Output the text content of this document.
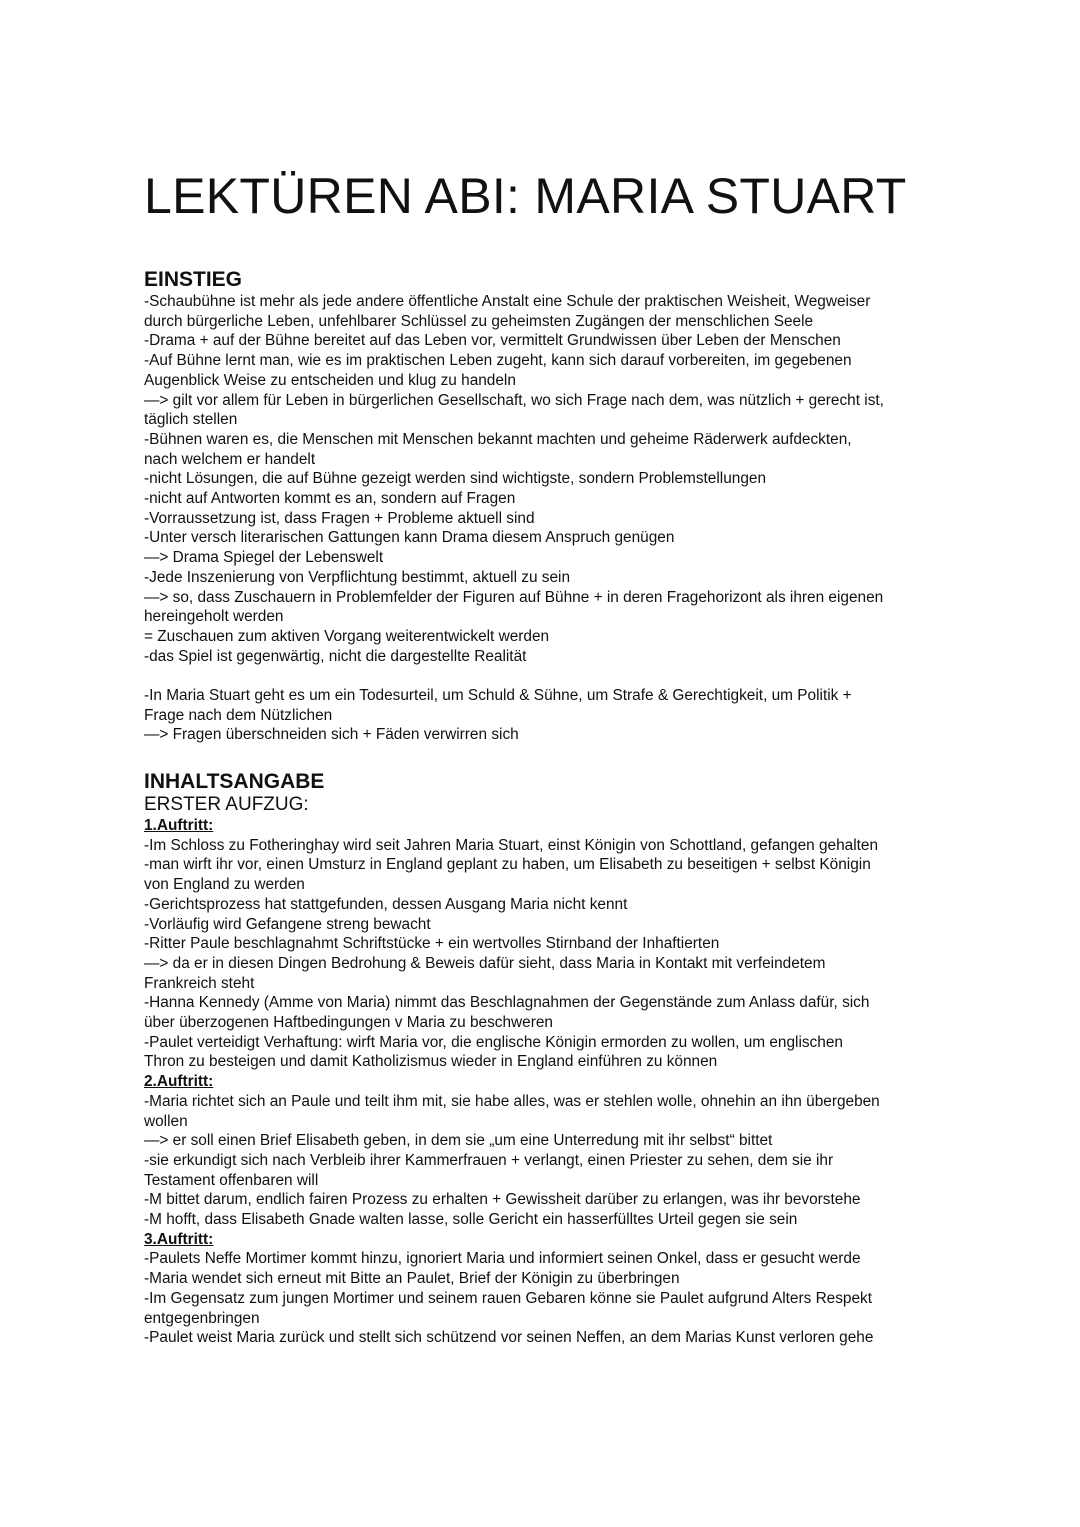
LEKTÜREN ABI: MARIA STUART
EINSTIEG
-Schaubühne ist mehr als jede andere öffentliche Anstalt eine Schule der praktischen Weisheit, Wegweiser
durch bürgerliche Leben, unfehlbarer Schlüssel zu geheimsten Zugängen der menschlichen Seele
-Drama + auf der Bühne bereitet auf das Leben vor, vermittelt Grundwissen über Leben der Menschen
-Auf Bühne lernt man, wie es im praktischen Leben zugeht, kann sich darauf vorbereiten, im gegebenen
Augenblick Weise zu entscheiden und klug zu handeln
—> gilt vor allem für Leben in bürgerlichen Gesellschaft, wo sich Frage nach dem, was nützlich + gerecht ist,
täglich stellen
-Bühnen waren es, die Menschen mit Menschen bekannt machten und geheime Räderwerk aufdeckten,
nach welchem er handelt
-nicht Lösungen, die auf Bühne gezeigt werden sind wichtigste, sondern Problemstellungen
-nicht auf Antworten kommt es an, sondern auf Fragen
-Vorraussetzung ist, dass Fragen + Probleme aktuell sind
-Unter versch literarischen Gattungen kann Drama diesem Anspruch genügen
—> Drama Spiegel der Lebenswelt
-Jede Inszenierung von Verpflichtung bestimmt, aktuell zu sein
—> so, dass Zuschauern in Problemfelder der Figuren auf Bühne + in deren Fragehorizont als ihren eigenen
hereingeholt werden
= Zuschauen zum aktiven Vorgang weiterentwickelt werden
-das Spiel ist gegenwärtig, nicht die dargestellte Realität
-In Maria Stuart geht es um ein Todesurteil, um Schuld & Sühne, um Strafe & Gerechtigkeit, um Politik +
Frage nach dem Nützlichen
—> Fragen überschneiden sich + Fäden verwirren sich
INHALTSANGABE
ERSTER AUFZUG:
1.Auftritt:
-Im Schloss zu Fotheringhay wird seit Jahren Maria Stuart, einst Königin von Schottland, gefangen gehalten
-man wirft ihr vor, einen Umsturz in England geplant zu haben, um Elisabeth zu beseitigen + selbst Königin
von England zu werden
-Gerichtsprozess hat stattgefunden, dessen Ausgang Maria nicht kennt
-Vorläufig wird Gefangene streng bewacht
-Ritter Paule beschlagnahmt Schriftstücke + ein wertvolles Stirnband der Inhaftierten
—> da er in diesen Dingen Bedrohung & Beweis dafür sieht, dass Maria in Kontakt mit verfeindetem
Frankreich steht
-Hanna Kennedy (Amme von Maria) nimmt das Beschlagnahmen der Gegenstände zum Anlass dafür, sich
über überzogenen Haftbedingungen v Maria zu beschweren
-Paulet verteidigt Verhaftung: wirft Maria vor, die englische Königin ermorden zu wollen, um englischen
Thron zu besteigen und damit Katholizismus wieder in England einführen zu können
2.Auftritt:
-Maria richtet sich an Paule und teilt ihm mit, sie habe alles, was er stehlen wolle, ohnehin an ihn übergeben
wollen
—> er soll einen Brief Elisabeth geben, in dem sie „um eine Unterredung mit ihr selbst“ bittet
-sie erkundigt sich nach Verbleib ihrer Kammerfrauen + verlangt, einen Priester zu sehen, dem sie ihr
Testament offenbaren will
-M bittet darum, endlich fairen Prozess zu erhalten + Gewissheit darüber zu erlangen, was ihr bevorstehe
-M hofft, dass Elisabeth Gnade walten lasse, solle Gericht ein hasserfülltes Urteil gegen sie sein
3.Auftritt:
-Paulets Neffe Mortimer kommt hinzu, ignoriert Maria und informiert seinen Onkel, dass er gesucht werde
-Maria wendet sich erneut mit Bitte an Paulet, Brief der Königin zu überbringen
-Im Gegensatz zum jungen Mortimer und seinem rauen Gebaren könne sie Paulet aufgrund Alters Respekt
entgegenbringen
-Paulet weist Maria zurück und stellt sich schützend vor seinen Neffen, an dem Marias Kunst verloren gehe
